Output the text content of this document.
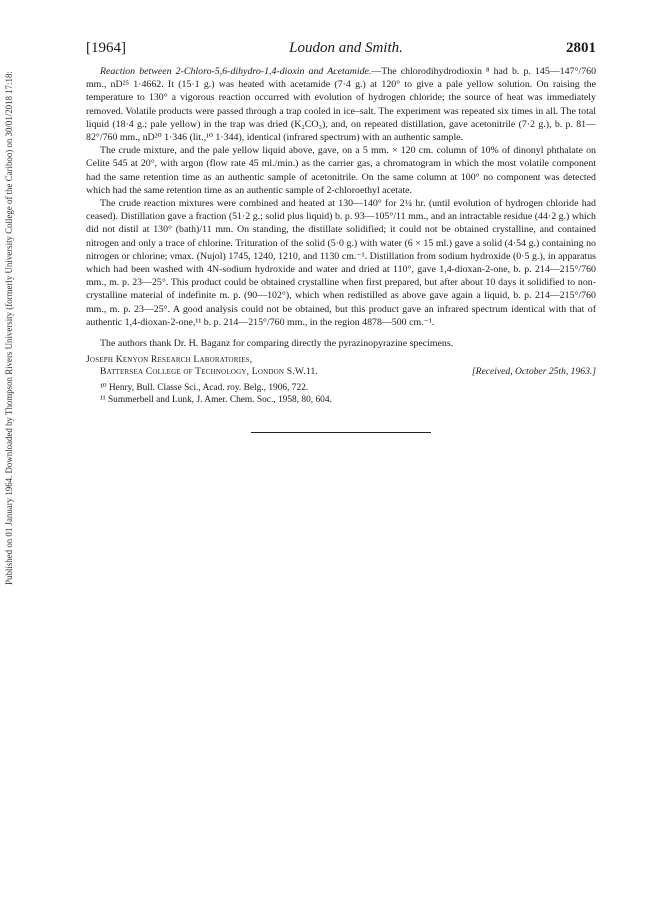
Published on 01 January 1964. Downloaded by Thompson Rivers University (formerly University College of the Cariboo) on 30/01/2018 17:18:
[1964]	Loudon and Smith.	2801

Reaction between 2-Chloro-5,6-dihydro-1,4-dioxin and Acetamide.—The chlorodihydrodioxin ⁸ had b. p. 145—147°/760 mm., nD²⁵ 1·4662. It (15·1 g.) was heated with acetamide (7·4 g.) at 120° to give a pale yellow solution. On raising the temperature to 130° a vigorous reaction occurred with evolution of hydrogen chloride; the source of heat was immediately removed. Volatile products were passed through a trap cooled in ice–salt. The experiment was repeated six times in all. The total liquid (18·4 g.; pale yellow) in the trap was dried (K₂CO₃), and, on repeated distillation, gave acetonitrile (7·2 g.), b. p. 81—82°/760 mm., nD²⁰ 1·346 (lit.,¹⁰ 1·344), identical (infrared spectrum) with an authentic sample.

The crude mixture, and the pale yellow liquid above, gave, on a 5 mm. × 120 cm. column of 10% of dinonyl phthalate on Celite 545 at 20°, with argon (flow rate 45 ml./min.) as the carrier gas, a chromatogram in which the most volatile component had the same retention time as an authentic sample of acetonitrile. On the same column at 100° no component was detected which had the same retention time as an authentic sample of 2-chloroethyl acetate.

The crude reaction mixtures were combined and heated at 130—140° for 2¼ hr. (until evolution of hydrogen chloride had ceased). Distillation gave a fraction (51·2 g.; solid plus liquid) b. p. 93—105°/11 mm., and an intractable residue (44·2 g.) which did not distil at 130° (bath)/11 mm. On standing, the distillate solidified; it could not be obtained crystalline, and contained nitrogen and only a trace of chlorine. Trituration of the solid (5·0 g.) with water (6 × 15 ml.) gave a solid (4·54 g.) containing no nitrogen or chlorine; νmax. (Nujol) 1745, 1240, 1210, and 1130 cm.⁻¹. Distillation from sodium hydroxide (0·5 g.), in apparatus which had been washed with 4N-sodium hydroxide and water and dried at 110°, gave 1,4-dioxan-2-one, b. p. 214—215°/760 mm., m. p. 23—25°. This product could be obtained crystalline when first prepared, but after about 10 days it solidified to non-crystalline material of indefinite m. p. (90—102°), which when redistilled as above gave again a liquid, b. p. 214—215°/760 mm., m. p. 23—25°. A good analysis could not be obtained, but this product gave an infrared spectrum identical with that of authentic 1,4-dioxan-2-one,¹¹ b. p. 214—215°/760 mm., in the region 4878—500 cm.⁻¹.

The authors thank Dr. H. Baganz for comparing directly the pyrazinopyrazine specimens.

Joseph Kenyon Research Laboratories,
Battersea College of Technology, London S.W.11.	[Received, October 25th, 1963.]
¹⁰ Henry, Bull. Classe Sci., Acad. roy. Belg., 1906, 722.
¹¹ Summerbell and Lunk, J. Amer. Chem. Soc., 1958, 80, 604.
